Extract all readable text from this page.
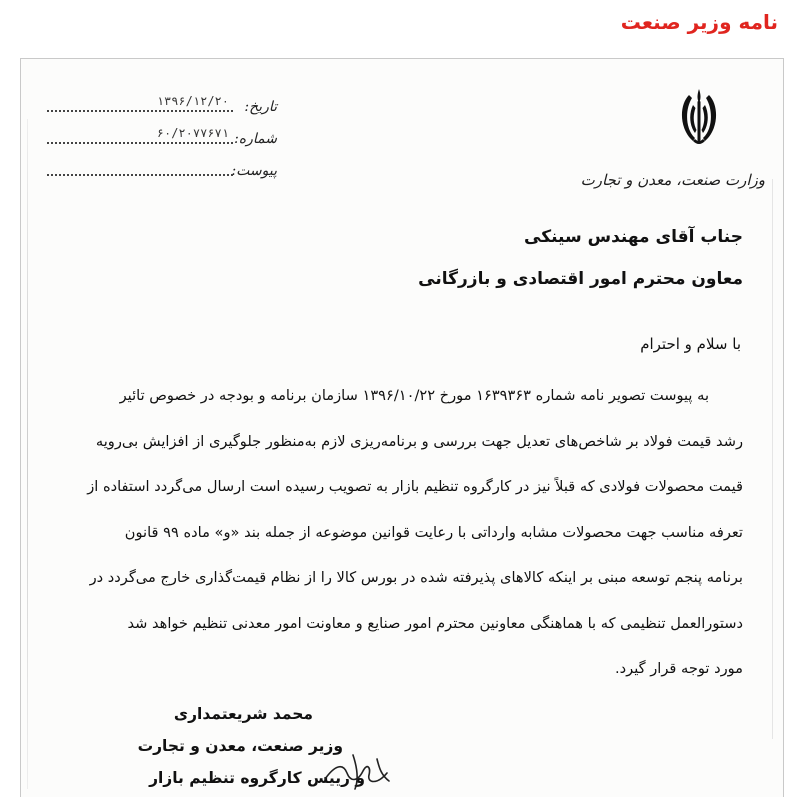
نامه وزیر صنعت
وزارت صنعت، معدن و تجارت
تاریخ:
۱۳۹۶/۱۲/۲۰
شماره:
۶۰/۲۰۷۷۶۷۱
پیوست:
جناب آقای مهندس سینکی
معاون محترم امور اقتصادی و بازرگانی
با سلام و احترام
به پیوست تصویر نامه شماره ۱۶۳۹۳۶۳ مورخ ۱۳۹۶/۱۰/۲۲ سازمان برنامه و بودجه در خصوص تائیر
رشد قیمت فولاد بر شاخص‌های تعدیل جهت بررسی و برنامه‌ریزی لازم به‌منظور جلوگیری از افزایش بی‌رویه
قیمت محصولات فولادی که قبلاً نیز در کارگروه تنظیم بازار به تصویب رسیده است ارسال می‌گردد استفاده از
تعرفه مناسب جهت محصولات مشابه وارداتی با رعایت قوانین موضوعه از جمله بند «و» ماده ۹۹ قانون
برنامه پنجم توسعه مبنی بر اینکه کالاهای پذیرفته شده در بورس کالا را از نظام قیمت‌گذاری خارج می‌گردد در
دستورالعمل تنظیمی که با هماهنگی معاونین محترم امور صنایع و معاونت امور معدنی تنظیم خواهد شد
مورد توجه قرار گیرد.
محمد شریعتمداری
وزیر صنعت، معدن و تجارت
و رییس کارگروه تنظیم بازار
